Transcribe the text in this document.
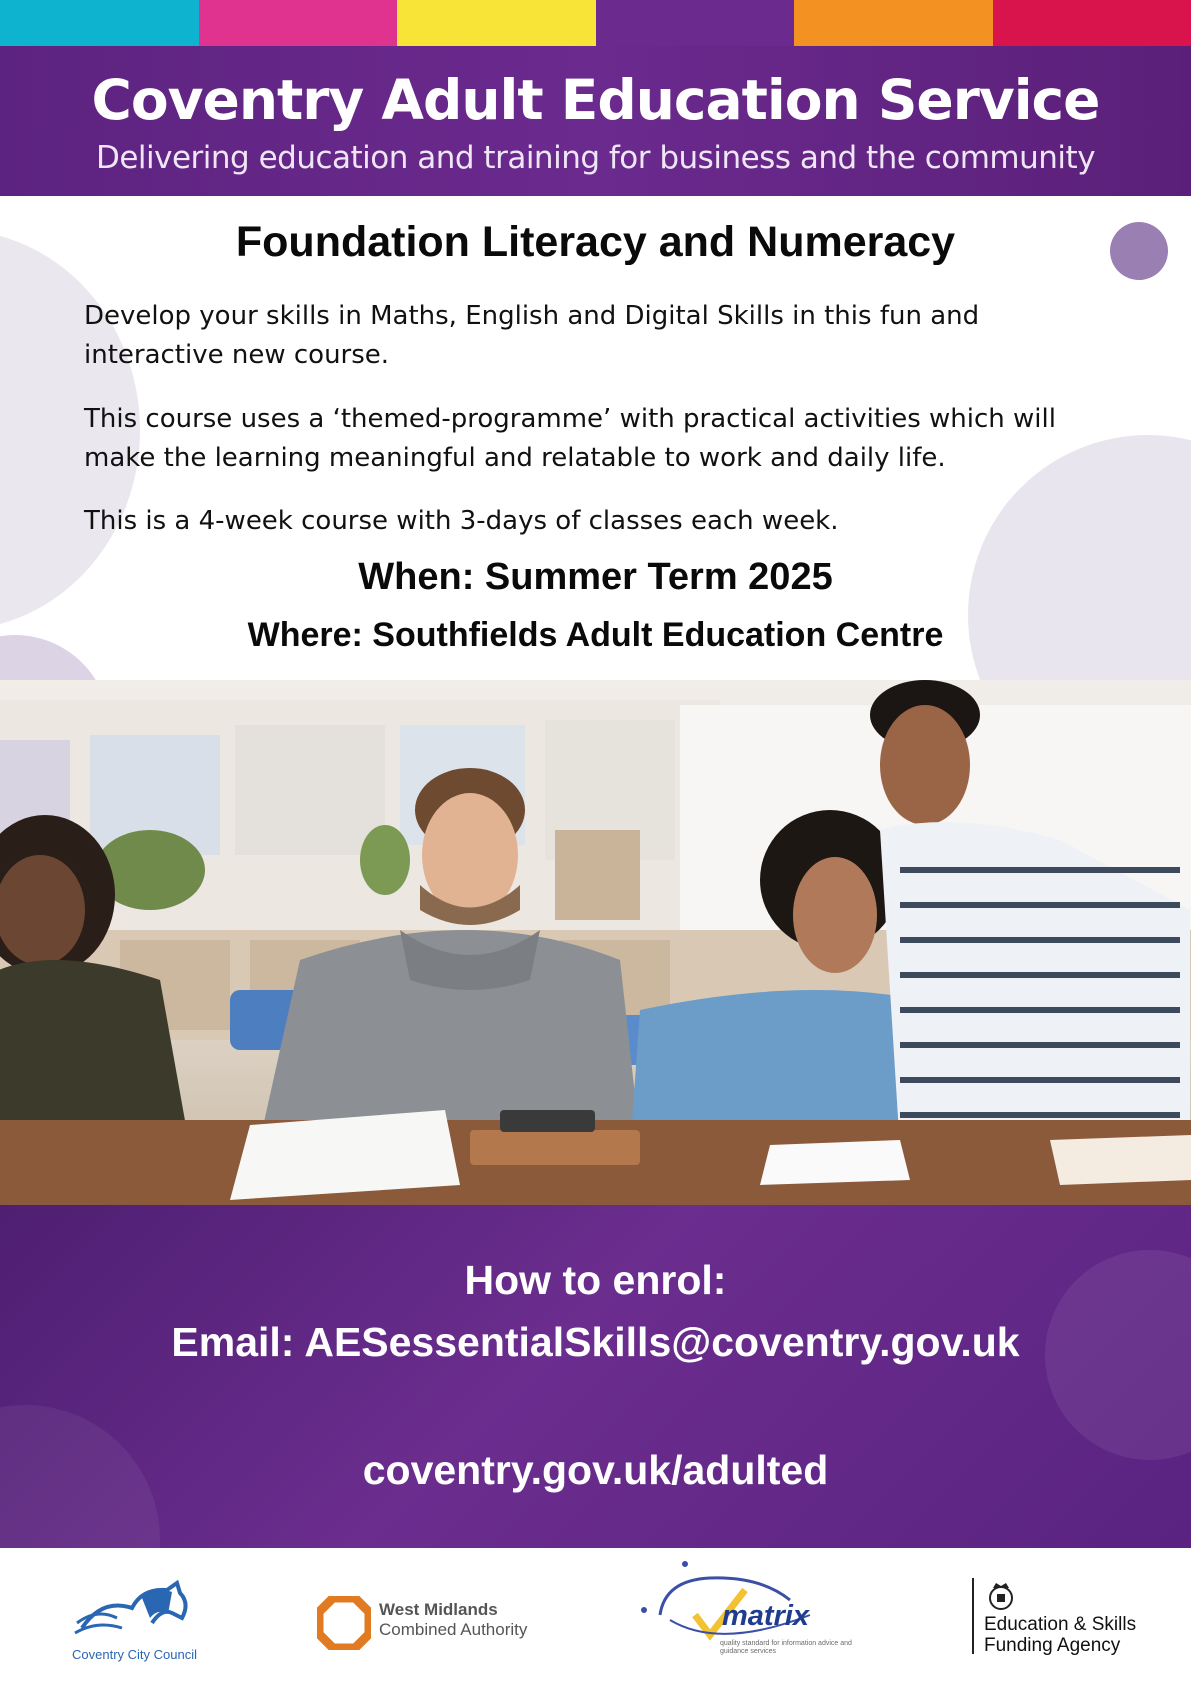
Coventry Adult Education Service
Delivering education and training for business and the community
Foundation Literacy and Numeracy
Develop your skills in Maths, English and Digital Skills in this fun and interactive new course.
This course uses a ‘themed-programme’ with practical activities which will make the learning meaningful and relatable to work and daily life.
This is a 4-week course with 3-days of classes each week.
When: Summer Term 2025
Where: Southfields Adult Education Centre
How to enrol:
Email: AESessentialSkills@coventry.gov.uk
coventry.gov.uk/adulted
Coventry City Council
West Midlands
Combined Authority	matrix
quality standard for information advice and guidance services
Education & Skills
Funding Agency
